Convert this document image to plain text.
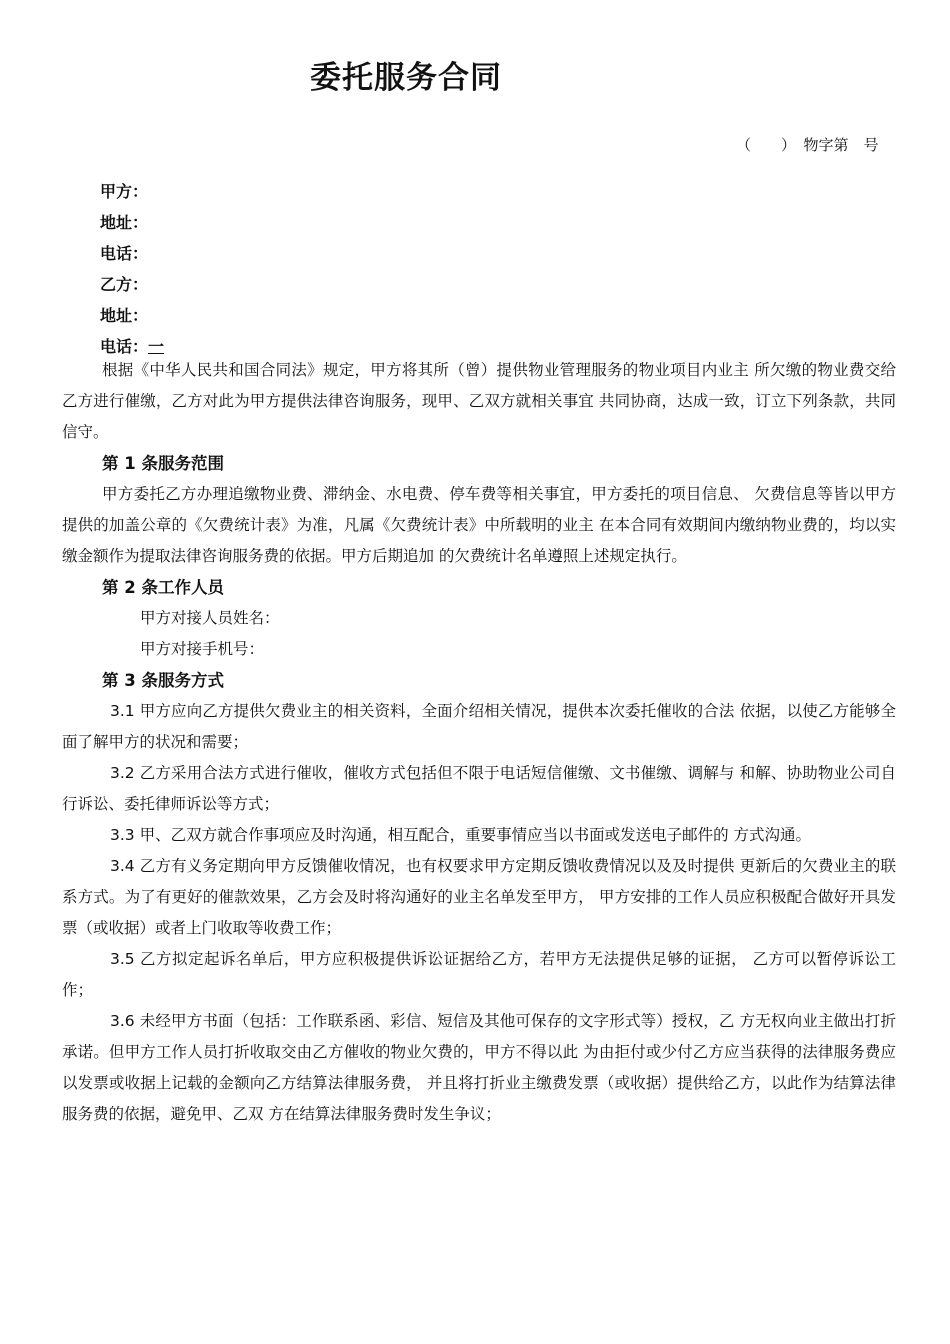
委托服务合同
（　　）　物字第　号
甲方：
地址：
电话：
乙方：
地址：
电话：一

根据《中华人民共和国合同法》规定，甲方将其所（曾）提供物业管理服务的物业项目内业主 所欠缴的物业费交给乙方进行催缴，乙方对此为甲方提供法律咨询服务，现甲、乙双方就相关事宜 共同协商，达成一致，订立下列条款，共同信守。

第 1 条服务范围

甲方委托乙方办理追缴物业费、滞纳金、水电费、停车费等相关事宜，甲方委托的项目信息、 欠费信息等皆以甲方提供的加盖公章的《欠费统计表》为准，凡属《欠费统计表》中所载明的业主 在本合同有效期间内缴纳物业费的，均以实缴金额作为提取法律咨询服务费的依据。甲方后期追加 的欠费统计名单遵照上述规定执行。

第 2 条工作人员

甲方对接人员姓名：

甲方对接手机号：

第 3 条服务方式

3.1 甲方应向乙方提供欠费业主的相关资料，全面介绍相关情况，提供本次委托催收的合法 依据，以使乙方能够全面了解甲方的状况和需要；

3.2 乙方采用合法方式进行催收，催收方式包括但不限于电话短信催缴、文书催缴、调解与 和解、协助物业公司自行诉讼、委托律师诉讼等方式；

3.3 甲、乙双方就合作事项应及时沟通，相互配合，重要事情应当以书面或发送电子邮件的 方式沟通。

3.4 乙方有义务定期向甲方反馈催收情况，也有权要求甲方定期反馈收费情况以及及时提供 更新后的欠费业主的联系方式。为了有更好的催款效果，乙方会及时将沟通好的业主名单发至甲方， 甲方安排的工作人员应积极配合做好开具发票（或收据）或者上门收取等收费工作；

3.5 乙方拟定起诉名单后，甲方应积极提供诉讼证据给乙方，若甲方无法提供足够的证据， 乙方可以暂停诉讼工作；

3.6 未经甲方书面（包括：工作联系函、彩信、短信及其他可保存的文字形式等）授权，乙 方无权向业主做出打折承诺。但甲方工作人员打折收取交由乙方催收的物业欠费的，甲方不得以此 为由拒付或少付乙方应当获得的法律服务费应以发票或收据上记载的金额向乙方结算法律服务费， 并且将打折业主缴费发票（或收据）提供给乙方，以此作为结算法律服务费的依据，避免甲、乙双 方在结算法律服务费时发生争议；
